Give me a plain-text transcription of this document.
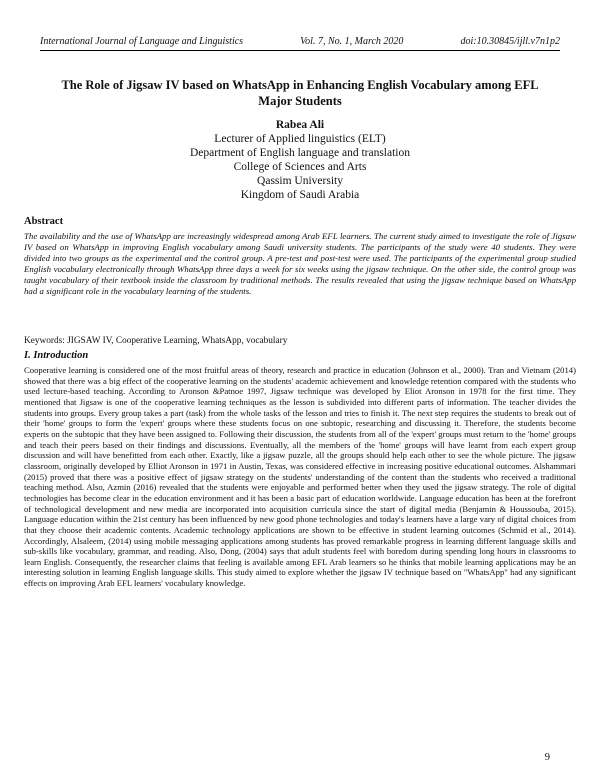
International Journal of Language and Linguistics	Vol. 7, No. 1, March 2020	doi:10.30845/ijll.v7n1p2
The Role of Jigsaw IV based on WhatsApp in Enhancing English Vocabulary among EFL Major Students
Rabea Ali
Lecturer of Applied linguistics (ELT)
Department of English language and translation
College of Sciences and Arts
Qassim University
Kingdom of Saudi Arabia
Abstract
The availability and the use of WhatsApp are increasingly widespread among Arab EFL learners. The current study aimed to investigate the role of Jigsaw IV based on WhatsApp in improving English vocabulary among Saudi university students. The participants of the study were 40 students. They were divided into two groups as the experimental and the control group. A pre-test and post-test were used. The participants of the experimental group studied English vocabulary electronically through WhatsApp three days a week for six weeks using the jigsaw technique. On the other side, the control group was taught vocabulary of their textbook inside the classroom by traditional methods. The results revealed that using the jigsaw technique based on WhatsApp had a significant role in the vocabulary learning of the students.
Keywords: JIGSAW IV, Cooperative Learning, WhatsApp, vocabulary
I. Introduction
Cooperative learning is considered one of the most fruitful areas of theory, research and practice in education (Johnson et al., 2000). Tran and Vietnam (2014) showed that there was a big effect of the cooperative learning on the students' academic achievement and knowledge retention compared with the students who used lecture-based teaching. According to Aronson &Patnoe 1997, Jigsaw technique was developed by Eliot Aronson in 1978 for the first time. They mentioned that Jigsaw is one of the cooperative learning techniques as the lesson is subdivided into different parts of information. The teacher divides the students into groups. Every group takes a part (task) from the whole tasks of the lesson and tries to finish it. The next step requires the students to break out of their 'home' groups to form the 'expert' groups where these students focus on one subtopic, researching and discussing it. Therefore, the students become experts on the subtopic that they have been assigned to. Following their discussion, the students from all of the 'expert' groups must return to the 'home' groups and teach their peers based on their findings and discussions. Eventually, all the members of the 'home' groups will have learnt from each expert group discussion and will have benefitted from each other. Exactly, like a jigsaw puzzle, all the groups should help each other to see the whole picture. The jigsaw classroom, originally developed by Elliot Aronson in 1971 in Austin, Texas, was considered effective in increasing positive educational outcomes. Alshammari (2015) proved that there was a positive effect of jigsaw strategy on the students' understanding of the content than the students who received a traditional teaching method. Also, Azmin (2016) revealed that the students were enjoyable and performed better when they used the jigsaw strategy. The role of digital technologies has become clear in the education environment and it has been a basic part of education worldwide. Language education has been at the forefront of technological development and new media are incorporated into acquisition curricula since the start of digital media (Benjamin & Houssouba, 2015). Language education within the 21st century has been influenced by new good phone technologies and today's learners have a large vary of digital choices from that they choose their academic contents. Academic technology applications are shown to be effective in student learning outcomes (Schmid et al., 2014). Accordingly, Alsaleem, (2014) using mobile messaging applications among students has proved remarkable progress in learning different language skills and sub-skills like vocabulary, grammar, and reading. Also, Dong, (2004) says that adult students feel with boredom during spending long hours in classrooms to learn English. Consequently, the researcher claims that feeling is available among EFL Arab learners so he thinks that mobile learning applications may be an interesting solution in learning English language skills. This study aimed to explore whether the jigsaw IV technique based on "WhatsApp" had any significant effects on improving Arab EFL learners' vocabulary knowledge.
9
